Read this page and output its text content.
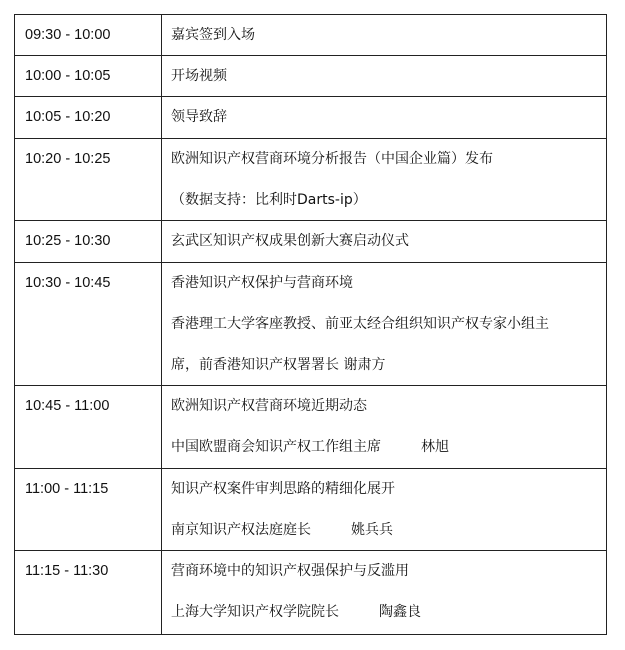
09:30 - 10:00	嘉宾签到入场

10:00 - 10:05	开场视频

10:05 - 10:20	领导致辞

10:20 - 10:25	欧洲知识产权营商环境分析报告（中国企业篇）发布
（数据支持：比利时Darts-ip）

10:25 - 10:30	玄武区知识产权成果创新大赛启动仪式

10:30 - 10:45	香港知识产权保护与营商环境
香港理工大学客座教授、前亚太经合组织知识产权专家小组主
席，前香港知识产权署署长 谢肃方

10:45 - 11:00	欧洲知识产权营商环境近期动态
中国欧盟商会知识产权工作组主席 林旭

11:00 - 11:15	知识产权案件审判思路的精细化展开
南京知识产权法庭庭长 姚兵兵

11:15 - 11:30	营商环境中的知识产权强保护与反滥用
上海大学知识产权学院院长 陶鑫良
